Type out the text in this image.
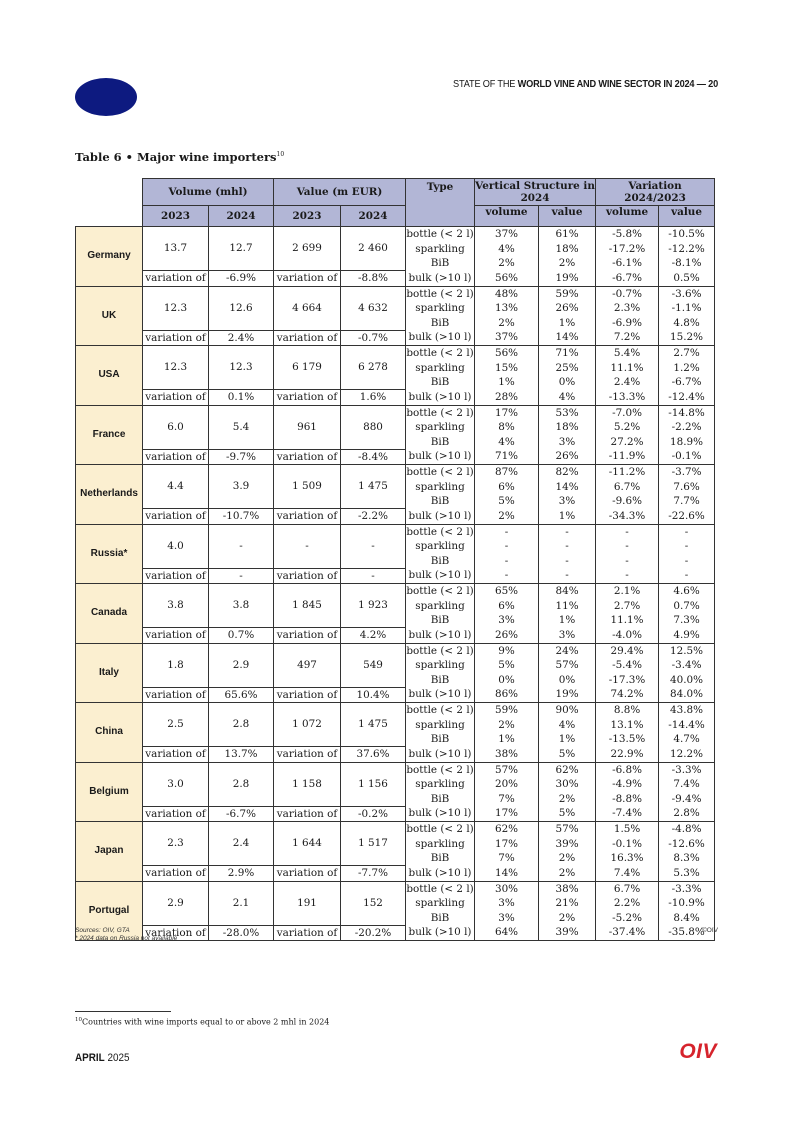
STATE OF THE WORLD VINE AND WINE SECTOR IN 2024 — 20
Table 6 • Major wine importers$^{10}$
	Volume (mhl)		Value (m EUR)		Type	Vertical Structure in 2024		Variation 2024/2023	
	2023	2024	2023	2024		volume	value	volume	value
Germany	13.7	12.7	2 699	2 460	bottle (< 2 l)	37%	61%	-5.8%	-10.5%
					sparkling	4%	18%	-17.2%	-12.2%
					BiB	2%	2%	-6.1%	-8.1%
	variation of	-6.9%	variation of	-8.8%	bulk (>10 l)	56%	19%	-6.7%	0.5%
UK	12.3	12.6	4 664	4 632	bottle (< 2 l)	48%	59%	-0.7%	-3.6%
					sparkling	13%	26%	2.3%	-1.1%
					BiB	2%	1%	-6.9%	4.8%
	variation of	2.4%	variation of	-0.7%	bulk (>10 l)	37%	14%	7.2%	15.2%
USA	12.3	12.3	6 179	6 278	bottle (< 2 l)	56%	71%	5.4%	2.7%
					sparkling	15%	25%	11.1%	1.2%
					BiB	1%	0%	2.4%	-6.7%
	variation of	0.1%	variation of	1.6%	bulk (>10 l)	28%	4%	-13.3%	-12.4%
France	6.0	5.4	961	880	bottle (< 2 l)	17%	53%	-7.0%	-14.8%
					sparkling	8%	18%	5.2%	-2.2%
					BiB	4%	3%	27.2%	18.9%
	variation of	-9.7%	variation of	-8.4%	bulk (>10 l)	71%	26%	-11.9%	-0.1%
Netherlands	4.4	3.9	1 509	1 475	bottle (< 2 l)	87%	82%	-11.2%	-3.7%
					sparkling	6%	14%	6.7%	7.6%
					BiB	5%	3%	-9.6%	7.7%
	variation of	-10.7%	variation of	-2.2%	bulk (>10 l)	2%	1%	-34.3%	-22.6%
Russia*	4.0	-	-	-	bottle (< 2 l)	-	-	-	-
					sparkling	-	-	-	-
					BiB	-	-	-	-
	variation of	-	variation of	-	bulk (>10 l)	-	-	-	-
Canada	3.8	3.8	1 845	1 923	bottle (< 2 l)	65%	84%	2.1%	4.6%
					sparkling	6%	11%	2.7%	0.7%
					BiB	3%	1%	11.1%	7.3%
	variation of	0.7%	variation of	4.2%	bulk (>10 l)	26%	3%	-4.0%	4.9%
Italy	1.8	2.9	497	549	bottle (< 2 l)	9%	24%	29.4%	12.5%
					sparkling	5%	57%	-5.4%	-3.4%
					BiB	0%	0%	-17.3%	40.0%
	variation of	65.6%	variation of	10.4%	bulk (>10 l)	86%	19%	74.2%	84.0%
China	2.5	2.8	1 072	1 475	bottle (< 2 l)	59%	90%	8.8%	43.8%
					sparkling	2%	4%	13.1%	-14.4%
					BiB	1%	1%	-13.5%	4.7%
	variation of	13.7%	variation of	37.6%	bulk (>10 l)	38%	5%	22.9%	12.2%
Belgium	3.0	2.8	1 158	1 156	bottle (< 2 l)	57%	62%	-6.8%	-3.3%
					sparkling	20%	30%	-4.9%	7.4%
					BiB	7%	2%	-8.8%	-9.4%
	variation of	-6.7%	variation of	-0.2%	bulk (>10 l)	17%	5%	-7.4%	2.8%
Japan	2.3	2.4	1 644	1 517	bottle (< 2 l)	62%	57%	1.5%	-4.8%
					sparkling	17%	39%	-0.1%	-12.6%
					BiB	7%	2%	16.3%	8.3%
	variation of	2.9%	variation of	-7.7%	bulk (>10 l)	14%	2%	7.4%	5.3%
Portugal	2.9	2.1	191	152	bottle (< 2 l)	30%	38%	6.7%	-3.3%
					sparkling	3%	21%	2.2%	-10.9%
					BiB	3%	2%	-5.2%	8.4%
	variation of	-28.0%	variation of	-20.2%	bulk (>10 l)	64%	39%	-37.4%	-35.8%
Sources: OIV, GTA
* 2024 data on Russia not available
©OIV
$^{10}$Countries with wine imports equal to or above 2 mhl in 2024
APRIL 2025	OIV
